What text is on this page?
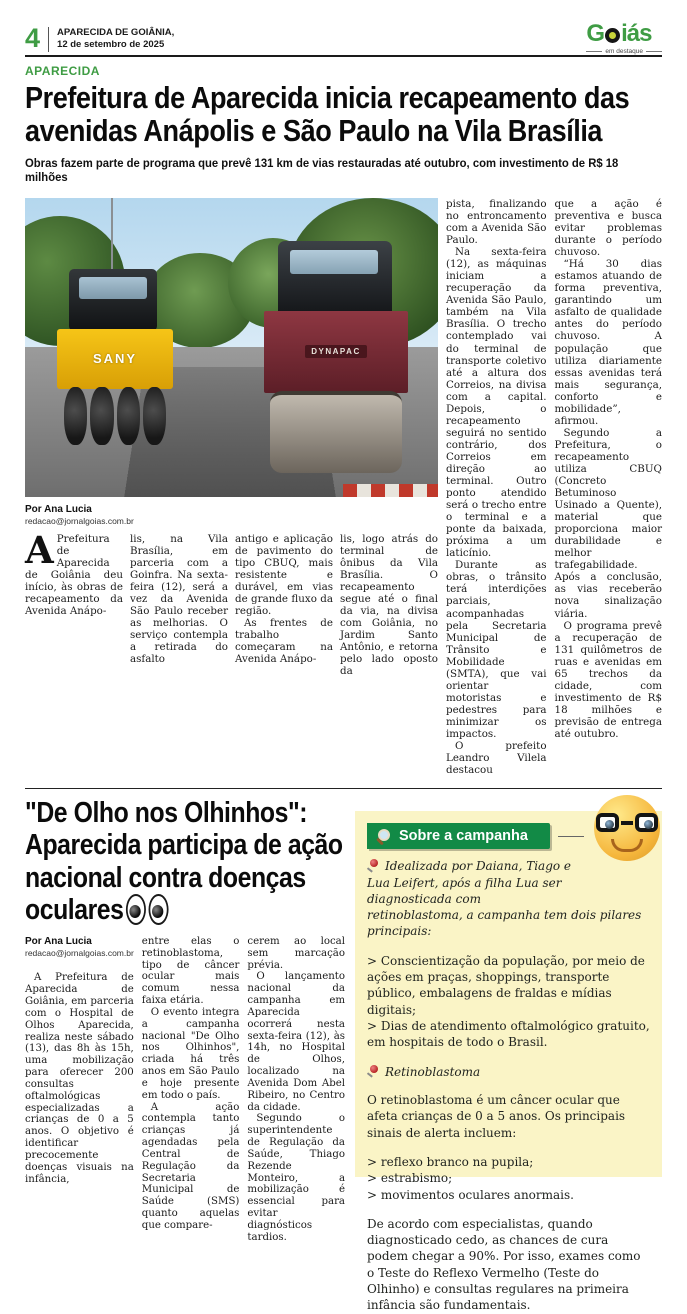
4 APARECIDA DE GOIÂNIA,
12 de setembro de 2025	G iás
em destaque
APARECIDA
Prefeitura de Aparecida inicia recapeamento das avenidas Anápolis e São Paulo na Vila Brasília
Obras fazem parte de programa que prevê 131 km de vias restauradas até outubro, com investimento de R$ 18 milhões
SANY	DYNAPAC
Por Ana Lucia
redacao@jornalgoias.com.br
A Prefeitura de Aparecida de Goiânia deu início, às obras de recapeamento da Avenida Anápo-

lis, na Vila Brasília, em parceria com a Goinfra. Na sexta-feira (12), será a vez da Avenida São Paulo receber as melhorias. O serviço contempla a retirada do asfalto

antigo e aplicação de pavimento do tipo CBUQ, mais resistente e durável, em vias de grande fluxo da região.

As frentes de trabalho começaram na Avenida Anápo-

lis, logo atrás do terminal de ônibus da Vila Brasília. O recapeamento segue até o final da via, na divisa com Goiânia, no Jardim Santo Antônio, e retorna pelo lado oposto da

pista, finalizando no entroncamento com a Avenida São Paulo.

Na sexta-feira (12), as máquinas iniciam a recuperação da Avenida São Paulo, também na Vila Brasília. O trecho contemplado vai do terminal de transporte coletivo até a altura dos Correios, na divisa com a capital. Depois, o recapeamento seguirá no sentido contrário, dos Correios em direção ao terminal. Outro ponto atendido será o trecho entre o terminal e a ponte da baixada, próxima a um laticínio.

Durante as obras, o trânsito terá interdições parciais, acompanhadas pela Secretaria Municipal de Trânsito e Mobilidade (SMTA), que vai orientar motoristas e pedestres para minimizar os impactos.

O prefeito Leandro Vilela destacou

que a ação é preventiva e busca evitar problemas durante o período chuvoso.

“Há 30 dias estamos atuando de forma preventiva, garantindo um asfalto de qualidade antes do período chuvoso. A população que utiliza diariamente essas avenidas terá mais segurança, conforto e mobilidade”, afirmou.

Segundo a Prefeitura, o recapeamento utiliza CBUQ (Concreto Betuminoso Usinado a Quente), material que proporciona maior durabilidade e melhor trafegabilidade. Após a conclusão, as vias receberão nova sinalização viária.

O programa prevê a recuperação de 131 quilômetros de ruas e avenidas em 65 trechos da cidade, com investimento de R$ 18 milhões e previsão de entrega até outubro.

"De Olho nos Olhinhos": Aparecida participa de ação nacional contra doenças oculares
Por Ana Lucia
redacao@jornalgoias.com.br

A Prefeitura de Aparecida de Goiânia, em parceria com o Hospital de Olhos Aparecida, realiza neste sábado (13), das 8h às 15h, uma mobilização para oferecer 200 consultas oftalmológicas especializadas a crianças de 0 a 5 anos. O objetivo é identificar precocemente doenças visuais na infância,

entre elas o retinoblastoma, tipo de câncer ocular mais comum nessa faixa etária.

O evento integra a campanha nacional "De Olho nos Olhinhos", criada há três anos em São Paulo e hoje presente em todo o país.

A ação contempla tanto crianças já agendadas pela Central de Regulação da Secretaria Municipal de Saúde (SMS) quanto aquelas que compare-

cerem ao local sem marcação prévia.

O lançamento nacional da campanha em Aparecida ocorrerá nesta sexta-feira (12), às 14h, no Hospital de Olhos, localizado na Avenida Dom Abel Ribeiro, no Centro da cidade.

Segundo o superintendente de Regulação da Saúde, Thiago Rezende Monteiro, a mobilização é essencial para evitar diagnósticos tardios.

Sobre a campanha

Idealizada por Daiana, Tiago e Lua Leifert, após a filha Lua ser diagnosticada com retinoblastoma, a campanha tem dois pilares principais:

> Conscientização da população, por meio de ações em praças, shoppings, transporte público, embalagens de fraldas e mídias digitais;

> Dias de atendimento oftalmológico gratuito, em hospitais de todo o Brasil.

Retinoblastoma

O retinoblastoma é um câncer ocular que afeta crianças de 0 a 5 anos. Os principais sinais de alerta incluem:

> reflexo branco na pupila;

> estrabismo;

> movimentos oculares anormais.

De acordo com especialistas, quando diagnosticado cedo, as chances de cura podem chegar a 90%. Por isso, exames como o Teste do Reflexo Vermelho (Teste do Olhinho) e consultas regulares na primeira infância são fundamentais.
